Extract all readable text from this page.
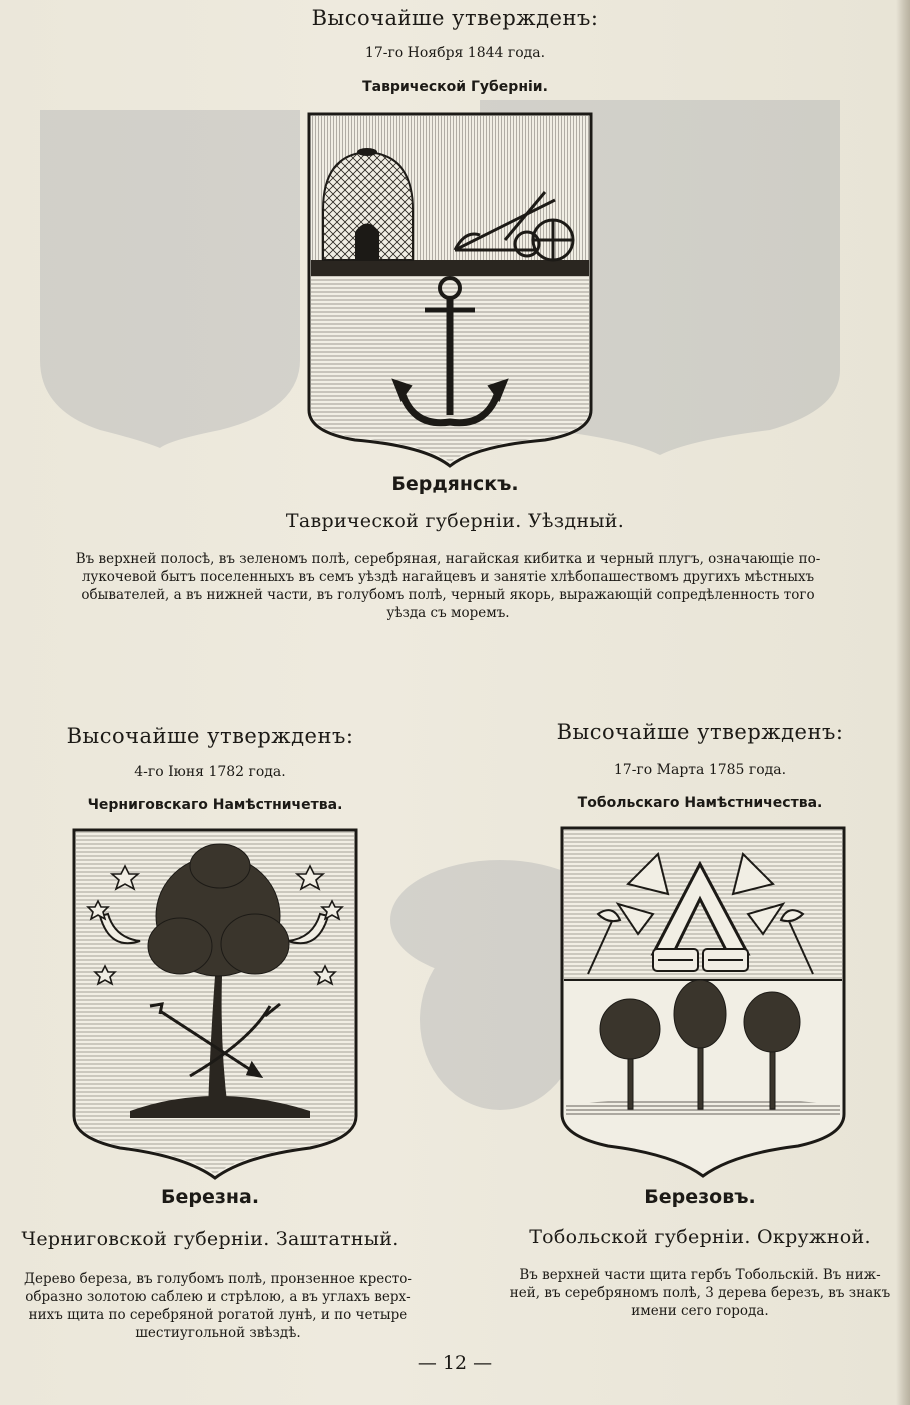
Высочайше утвержденъ:
17-го Ноября 1844 года.
Таврической Губерніи.
Бердянскъ.
Таврической губерніи. Уѣздный.
Въ верхней полосѣ, въ зеленомъ полѣ, серебряная, нагайская кибитка и черный плугъ, означающіе по-
лукочевой бытъ поселенныхъ въ семъ уѣздѣ нагайцевъ и занятіе хлѣбопашествомъ другихъ мѣстныхъ
обывателей, а въ нижней части, въ голубомъ полѣ, черный якорь, выражающій сопредѣленность того
уѣзда съ моремъ.
Высочайше утвержденъ:
4-го Іюня 1782 года.
Черниговскаго Намѣстничетва.
Березна.
Черниговской губерніи. Заштатный.
Дерево береза, въ голубомъ полѣ, пронзенное кресто-
образно золотою саблею и стрѣлою, а въ углахъ верх-
нихъ щита по серебряной рогатой лунѣ, и по четыре
шестиугольной звѣздѣ.
Высочайше утвержденъ:
17-го Марта 1785 года.
Тобольскаго Намѣстничества.
Березовъ.
Тобольской губерніи. Окружной.
Въ верхней части щита гербъ Тобольскій. Въ ниж-
ней, въ серебряномъ полѣ, 3 дерева березъ, въ знакъ
имени сего города.
— 12 —
